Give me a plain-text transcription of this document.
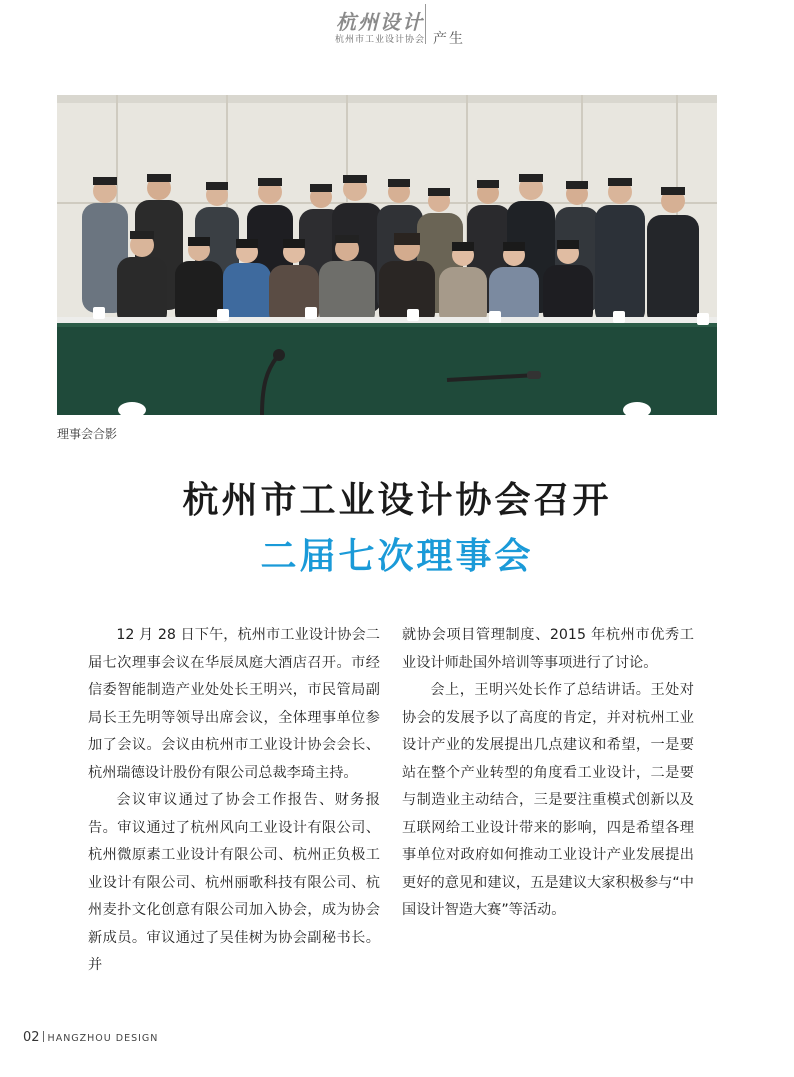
杭州设计
杭州市工业设计协会 产生
理事会合影
杭州市工业设计协会召开
二届七次理事会

12 月 28 日下午，杭州市工业设计协会二届七次理事会议在华辰凤庭大酒店召开。市经信委智能制造产业处处长王明兴，市民管局副局长王先明等领导出席会议，全体理事单位参加了会议。会议由杭州市工业设计协会会长、杭州瑞德设计股份有限公司总裁李琦主持。

会议审议通过了协会工作报告、财务报告。审议通过了杭州风向工业设计有限公司、杭州微原素工业设计有限公司、杭州正负极工业设计有限公司、杭州丽歌科技有限公司、杭州麦扑文化创意有限公司加入协会，成为协会新成员。审议通过了吴佳树为协会副秘书长。并

就协会项目管理制度、2015 年杭州市优秀工业设计师赴国外培训等事项进行了讨论。

会上，王明兴处长作了总结讲话。王处对协会的发展予以了高度的肯定，并对杭州工业设计产业的发展提出几点建议和希望，一是要站在整个产业转型的角度看工业设计，二是要与制造业主动结合，三是要注重模式创新以及互联网给工业设计带来的影响，四是希望各理事单位对政府如何推动工业设计产业发展提出更好的意见和建议，五是建议大家积极参与“中国设计智造大赛”等活动。

02 HANGZHOU DESIGN
